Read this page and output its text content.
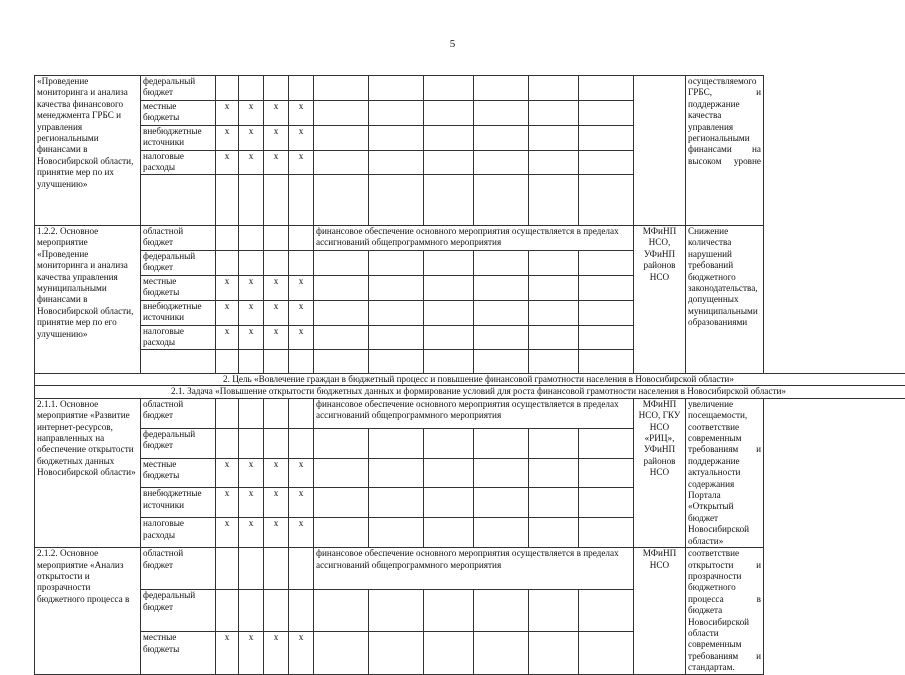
5
«Проведение мониторинга и анализа качества финансового менеджмента ГРБС и управления региональными финансами в Новосибирской области, принятие мер по их улучшению»	федеральный бюджет												осуществляемого ГРБС, и поддержание качества управления региональными финансами на высоком уровне
	местные бюджеты	x	x	x	x								
	внебюджетные источники	x	x	x	x								
	налоговые расходы	x	x	x	x								

1.2.2. Основное мероприятие «Проведение мониторинга и анализа качества управления муниципальными финансами в Новосибирской области, принятие мер по его улучшению»	областной бюджет					финансовое обеспечение основного мероприятия осуществляется в пределах ассигнований общепрограммного мероприятия						МФиНП НСО, УФиНП районов НСО	Снижение количества нарушений требований бюджетного законодательства, допущенных муниципальными образованиями
	федеральный бюджет												
	местные бюджеты	x	x	x	x								
	внебюджетные источники	x	x	x	x								
	налоговые расходы	x	x	x	x								

2. Цель «Вовлечение граждан в бюджетный процесс и повышение финансовой грамотности населения в Новосибирской области»													
2.1. Задача «Повышение открытости бюджетных данных и формирование условий для роста финансовой грамотности населения в Новосибирской области»													
2.1.1. Основное мероприятие «Развитие интернет-ресурсов, направленных на обеспечение открытости бюджетных данных Новосибирской области»	областной бюджет					финансовое обеспечение основного мероприятия осуществляется в пределах ассигнований общепрограммного мероприятия						МФиНП НСО, ГКУ НСО «РИЦ», УФиНП районов НСО	увеличение посещаемости, соответствие современным требованиям и поддержание актуальности содержания Портала «Открытый бюджет Новосибирской области»
	федеральный бюджет												
	местные бюджеты	x	x	x	x								
	внебюджетные источники	x	x	x	x								
	налоговые расходы	x	x	x	x								
2.1.2. Основное мероприятие «Анализ открытости и прозрачности бюджетного процесса в	областной бюджет					финансовое обеспечение основного мероприятия осуществляется в пределах ассигнований общепрограммного мероприятия						МФиНП НСО	соответствие открытости и прозрачности бюджетного процесса в бюджета Новосибирской области современным требованиям и стандартам.
	федеральный бюджет												
	местные бюджеты	x	x	x	x								
